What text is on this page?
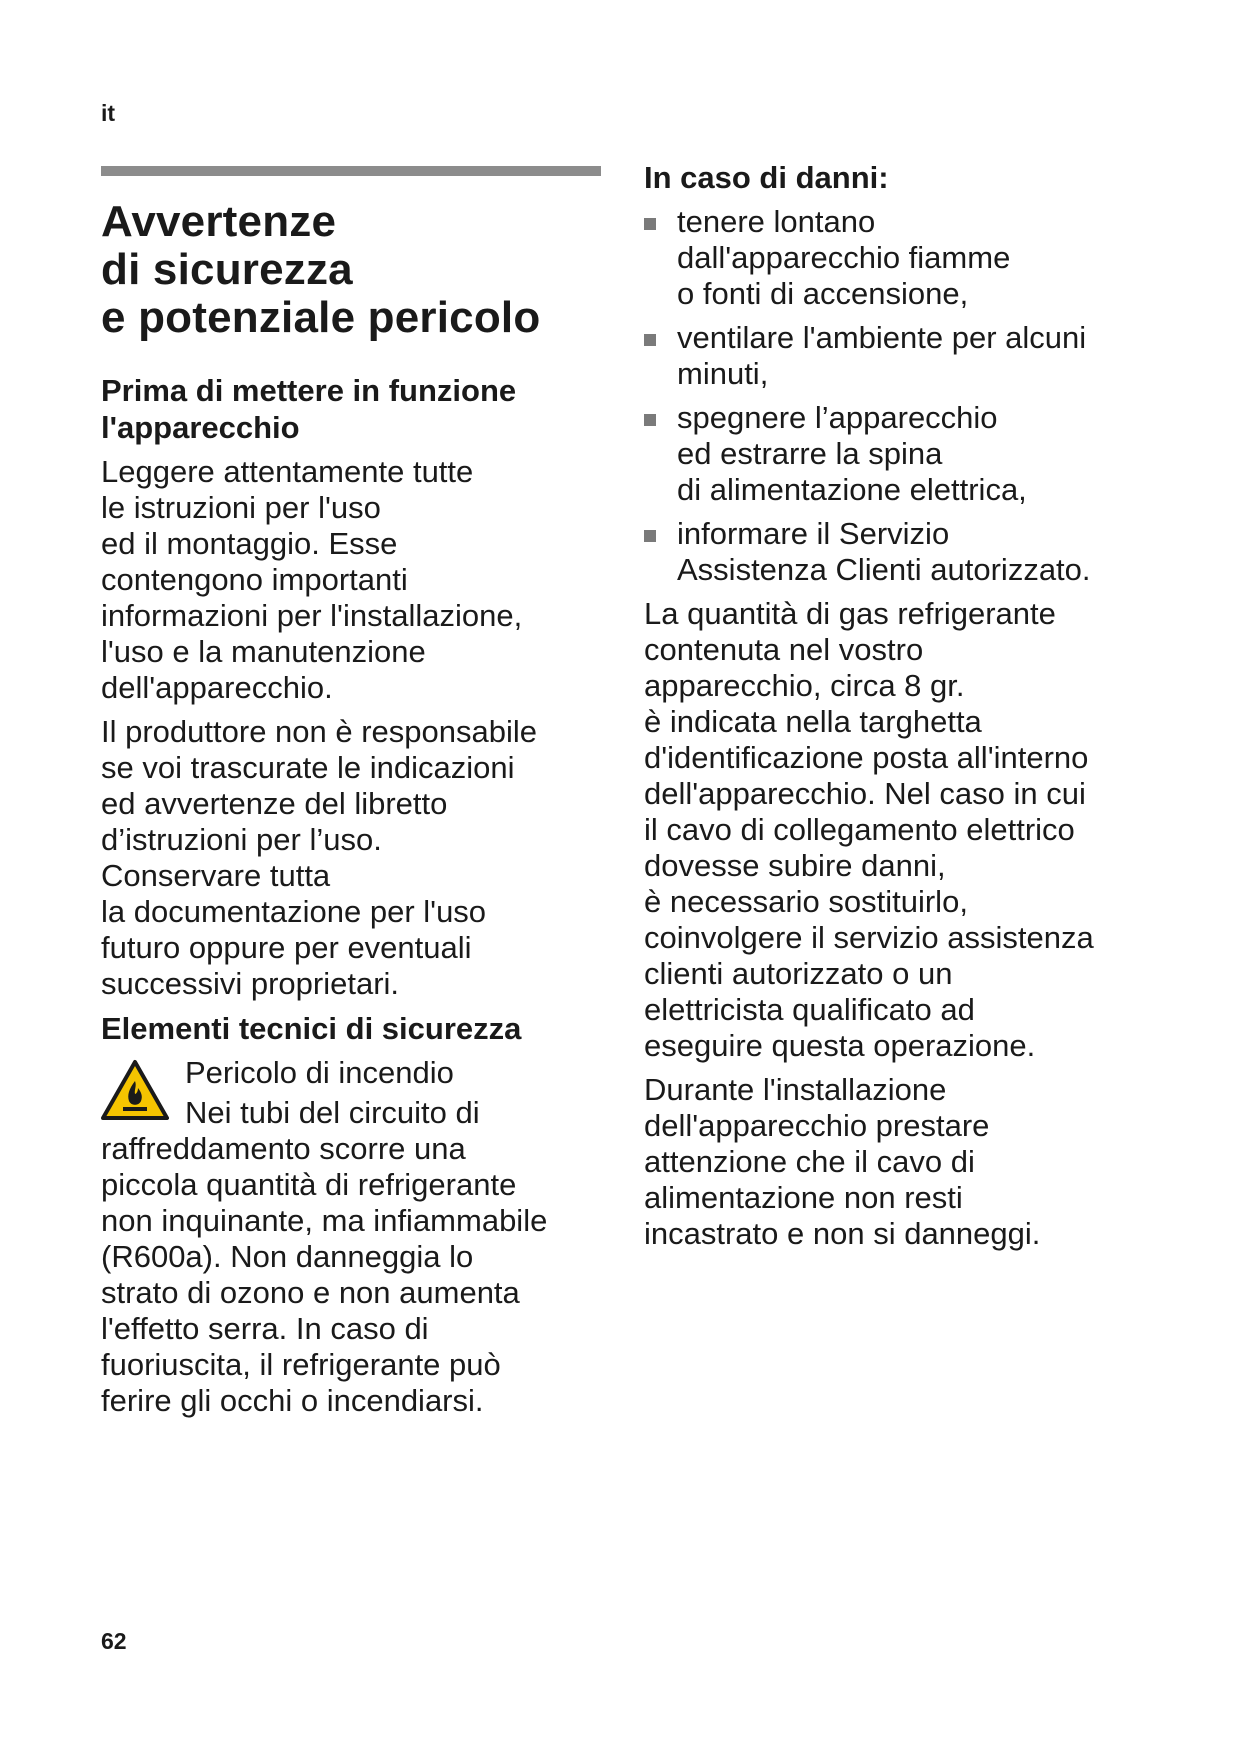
it
Avvertenze
di sicurezza
e potenziale pericolo
Prima di mettere in funzione
l'apparecchio

Leggere attentamente tutte
le istruzioni per l'uso
ed il montaggio. Esse
contengono importanti
informazioni per l'installazione,
l'uso e la manutenzione
dell'apparecchio.

Il produttore non è responsabile
se voi trascurate le indicazioni
ed avvertenze del libretto
d’istruzioni per l’uso.
Conservare tutta
la documentazione per l'uso
futuro oppure per eventuali
successivi proprietari.

Elementi tecnici di sicurezza

Pericolo di incendio
Nei tubi del circuito di
raffreddamento scorre una
piccola quantità di refrigerante
non inquinante, ma infiammabile
(R600a). Non danneggia lo
strato di ozono e non aumenta
l'effetto serra. In caso di
fuoriuscita, il refrigerante può
ferire gli occhi o incendiarsi.

In caso di danni:
tenere lontano
dall'apparecchio fiamme
o fonti di accensione,
ventilare l'ambiente per alcuni
minuti,
spegnere l’apparecchio
ed estrarre la spina
di alimentazione elettrica,
informare il Servizio
Assistenza Clienti autorizzato.

La quantità di gas refrigerante
contenuta nel vostro
apparecchio, circa 8 gr.
è indicata nella targhetta
d'identificazione posta all'interno
dell'apparecchio. Nel caso in cui
il cavo di collegamento elettrico
dovesse subire danni,
è necessario sostituirlo,
coinvolgere il servizio assistenza
clienti autorizzato o un
elettricista qualificato ad
eseguire questa operazione.

Durante l'installazione
dell'apparecchio prestare
attenzione che il cavo di
alimentazione non resti
incastrato e non si danneggi.

62
